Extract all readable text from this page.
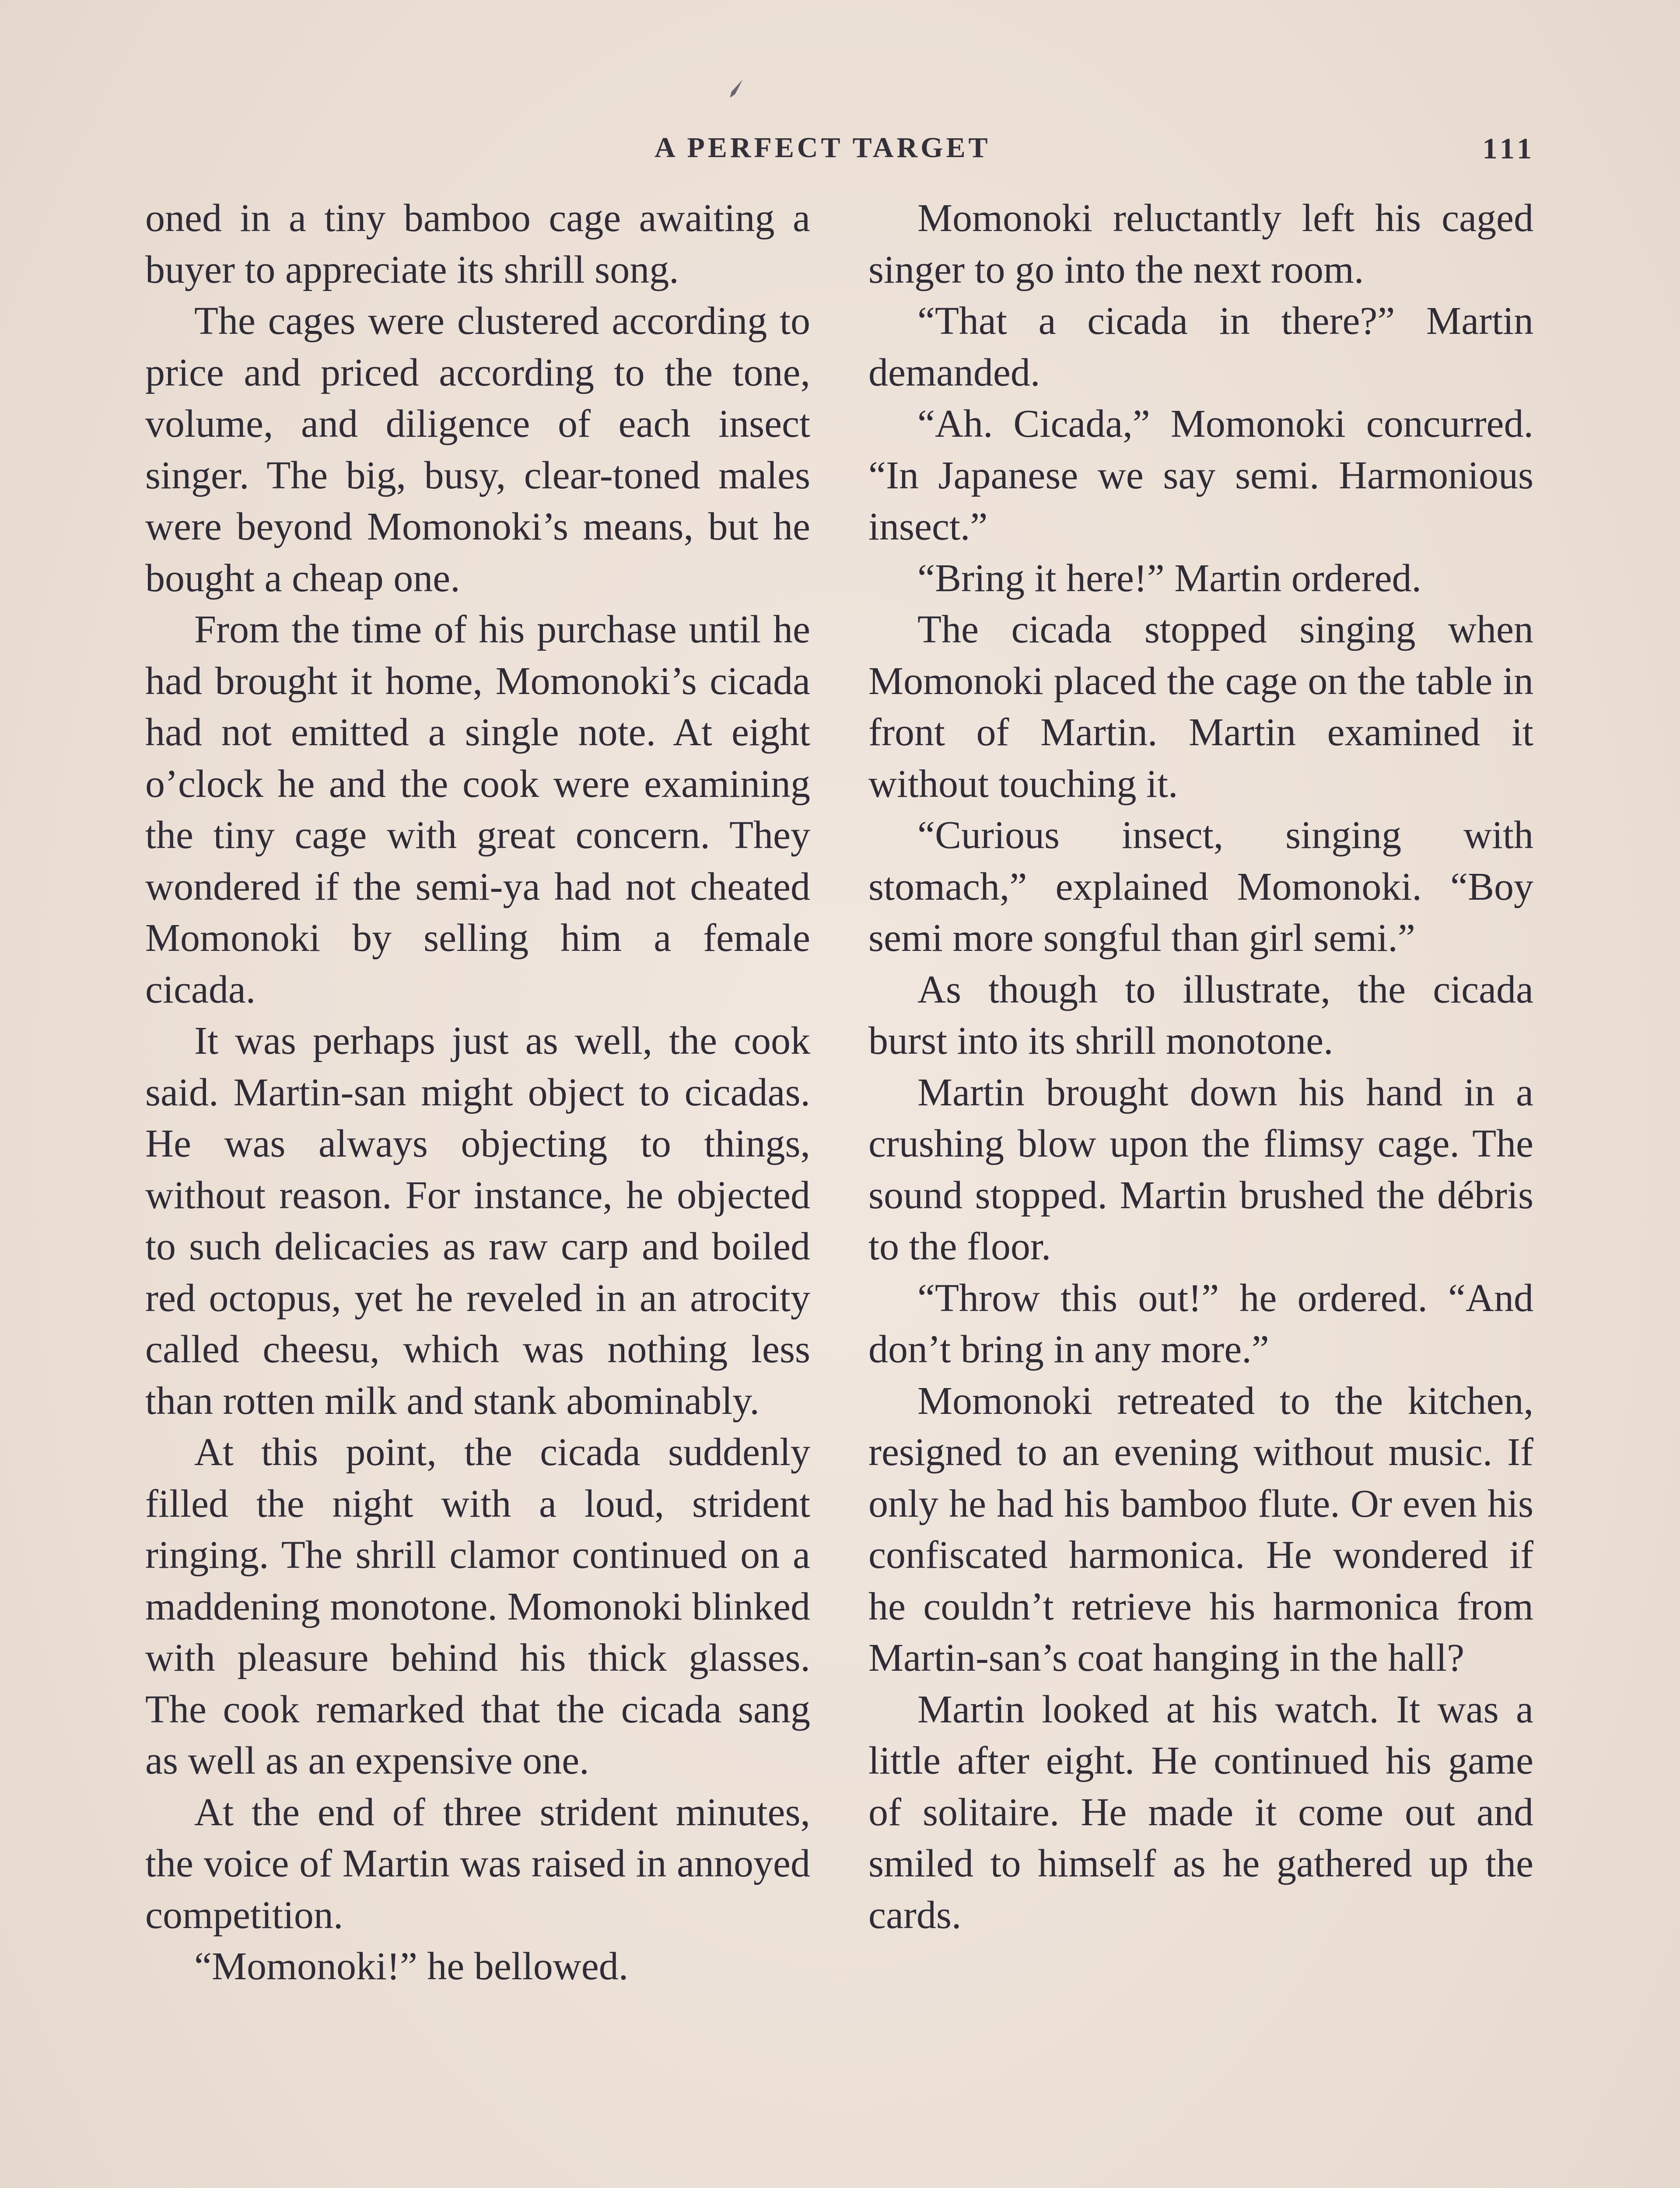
A PERFECT TARGET	111

oned in a tiny bamboo cage awaiting a buyer to appreciate its shrill song.

The cages were clustered according to price and priced according to the tone, volume, and diligence of each insect singer. The big, busy, clear-toned males were beyond Momonoki’s means, but he bought a cheap one.

From the time of his purchase until he had brought it home, Momonoki’s cicada had not emitted a single note. At eight o’clock he and the cook were examining the tiny cage with great concern. They wondered if the semi-ya had not cheated Momonoki by selling him a female cicada.

It was perhaps just as well, the cook said. Martin-san might object to cicadas. He was always objecting to things, without reason. For instance, he objected to such delicacies as raw carp and boiled red octopus, yet he reveled in an atrocity called cheesu, which was nothing less than rotten milk and stank abominably.

At this point, the cicada suddenly filled the night with a loud, strident ringing. The shrill clamor continued on a maddening monotone. Momonoki blinked with pleasure behind his thick glasses. The cook remarked that the cicada sang as well as an expensive one.

At the end of three strident minutes, the voice of Martin was raised in annoyed competition.

“Momonoki!” he bellowed.

Momonoki reluctantly left his caged singer to go into the next room.

“That a cicada in there?” Martin demanded.

“Ah. Cicada,” Momonoki concurred. “In Japanese we say semi. Harmonious insect.”

“Bring it here!” Martin ordered.

The cicada stopped singing when Momonoki placed the cage on the table in front of Martin. Martin examined it without touching it.

“Curious insect, singing with stomach,” explained Momonoki. “Boy semi more songful than girl semi.”

As though to illustrate, the cicada burst into its shrill monotone.

Martin brought down his hand in a crushing blow upon the flimsy cage. The sound stopped. Martin brushed the débris to the floor.

“Throw this out!” he ordered. “And don’t bring in any more.”

Momonoki retreated to the kitchen, resigned to an evening without music. If only he had his bamboo flute. Or even his confiscated harmonica. He wondered if he couldn’t retrieve his harmonica from Martin-san’s coat hanging in the hall?

Martin looked at his watch. It was a little after eight. He continued his game of solitaire. He made it come out and smiled to himself as he gathered up the cards.
